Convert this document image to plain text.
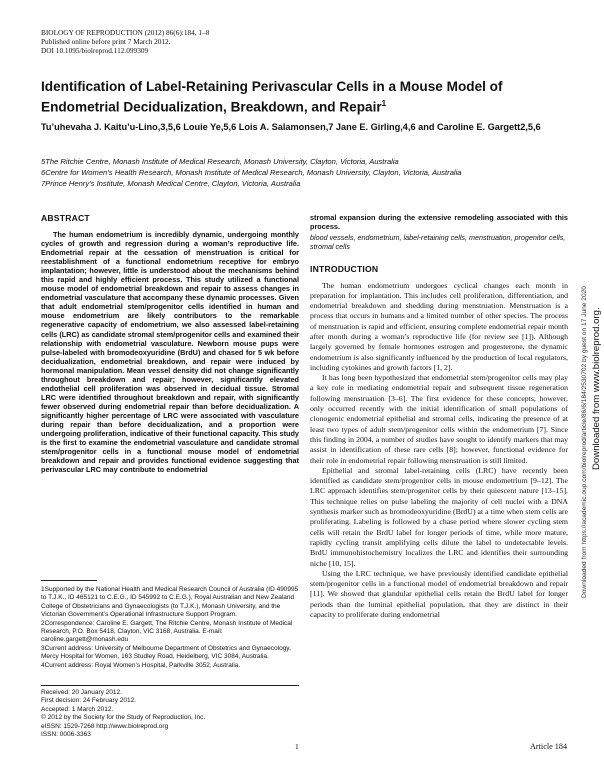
BIOLOGY OF REPRODUCTION (2012) 86(6):184, 1–8
Published online before print 7 March 2012.
DOI 10.1095/biolreprod.112.099309
Identification of Label-Retaining Perivascular Cells in a Mouse Model of Endometrial Decidualization, Breakdown, and Repair$^1$
Tu’uhevaha J. Kaitu’u-Lino,3,5,6 Louie Ye,5,6 Lois A. Salamonsen,7 Jane E. Girling,4,6 and Caroline E. Gargett2,5,6
5The Ritchie Centre, Monash Institute of Medical Research, Monash University, Clayton, Victoria, Australia
6Centre for Women’s Health Research, Monash Institute of Medical Research, Monash University, Clayton, Victoria, Australia
7Prince Henry’s Institute, Monash Medical Centre, Clayton, Victoria, Australia
ABSTRACT

The human endometrium is incredibly dynamic, undergoing monthly cycles of growth and regression during a woman’s reproductive life. Endometrial repair at the cessation of menstruation is critical for reestablishment of a functional endometrium receptive for embryo implantation; however, little is understood about the mechanisms behind this rapid and highly efficient process. This study utilized a functional mouse model of endometrial breakdown and repair to assess changes in endometrial vasculature that accompany these dynamic processes. Given that adult endometrial stem/progenitor cells identified in human and mouse endometrium are likely contributors to the remarkable regenerative capacity of endometrium, we also assessed label-retaining cells (LRC) as candidate stromal stem/progenitor cells and examined their relationship with endometrial vasculature. Newborn mouse pups were pulse-labeled with bromodeoxyuridine (BrdU) and chased for 5 wk before decidualization, endometrial breakdown, and repair were induced by hormonal manipulation. Mean vessel density did not change significantly throughout breakdown and repair; however, significantly elevated endothelial cell proliferation was observed in decidual tissue. Stromal LRC were identified throughout breakdown and repair, with significantly fewer observed during endometrial repair than before decidualization. A significantly higher percentage of LRC were associated with vasculature during repair than before decidualization, and a proportion were undergoing proliferation, indicative of their functional capacity. This study is the first to examine the endometrial vasculature and candidate stromal stem/progenitor cells in a functional mouse model of endometrial breakdown and repair and provides functional evidence suggesting that perivascular LRC may contribute to endometrial

1Supported by the National Health and Medical Research Council of Australia (ID 490995 to T.J.K., ID 465121 to C.E.G., ID 545992 to C.E.G.), Royal Australian and New Zealand College of Obstetricians and Gynaecologists (to T.J.K.), Monash University, and the Victorian Government’s Operational Infrastructure Support Program.

2Correspondence: Caroline E. Gargett, The Ritchie Centre, Monash Institute of Medical Research, P.O. Box 5418, Clayton, VIC 3168, Australia. E-mail: caroline.gargett@monash.edu

3Current address: University of Melbourne Department of Obstetrics and Gynaecology, Mercy Hospital for Women, 163 Studley Road, Heidelberg, VIC 3084, Australia.

4Current address: Royal Women’s Hospital, Parkville 3052, Australia.

Received: 20 January 2012.
First decision: 24 February 2012.
Accepted: 1 March 2012.
© 2012 by the Society for the Study of Reproduction, Inc.
eISSN: 1529-7268 http://www.biolreprod.org
ISSN: 0006-3363

stromal expansion during the extensive remodeling associated with this process.

blood vessels, endometrium, label-retaining cells, menstruation, progenitor cells, stromal cells

INTRODUCTION

The human endometrium undergoes cyclical changes each month in preparation for implantation. This includes cell proliferation, differentiation, and endometrial breakdown and shedding during menstruation. Menstruation is a process that occurs in humans and a limited number of other species. The process of menstruation is rapid and efficient, ensuring complete endometrial repair month after month during a woman’s reproductive life (for review see [1]). Although largely governed by female hormones estrogen and progesterone, the dynamic endometrium is also significantly influenced by the production of local regulators, including cytokines and growth factors [1, 2].

It has long been hypothesized that endometrial stem/progenitor cells may play a key role in mediating endometrial repair and subsequent tissue regeneration following menstruation [3–6]. The first evidence for these concepts, however, only occurred recently with the initial identification of small populations of clonogenic endometrial epithelial and stromal cells, indicating the presence of at least two types of adult stem/progenitor cells within the endometrium [7]. Since this finding in 2004, a number of studies have sought to identify markers that may assist in identification of these rare cells [8]; however, functional evidence for their role in endometrial repair following menstruation is still limited.

Epithelial and stromal label-retaining cells (LRC) have recently been identified as candidate stem/progenitor cells in mouse endometrium [9–12]. The LRC approach identifies stem/progenitor cells by their quiescent nature [13–15]. This technique relies on pulse labeling the majority of cell nuclei with a DNA synthesis marker such as bromodeoxyuridine (BrdU) at a time when stem cells are proliferating. Labeling is followed by a chase period where slower cycling stem cells will retain the BrdU label for longer periods of time, while more mature, rapidly cycling transit amplifying cells dilute the label to undetectable levels. BrdU immunohistochemistry localizes the LRC and identifies their surrounding niche [10, 15].

Using the LRC technique, we have previously identified candidate epithelial stem/progenitor cells in a functional model of endometrial breakdown and repair [11]. We showed that glandular epithelial cells retain the BrdU label for longer periods than the luminal epithelial population, that they are distinct in their capacity to proliferate during endometrial

1	Article 184
Downloaded from https://academic.oup.com/biolreprod/article/86/6/184/2530702 by guest on 17 June 2020 Downloaded from www.biolreprod.org.
